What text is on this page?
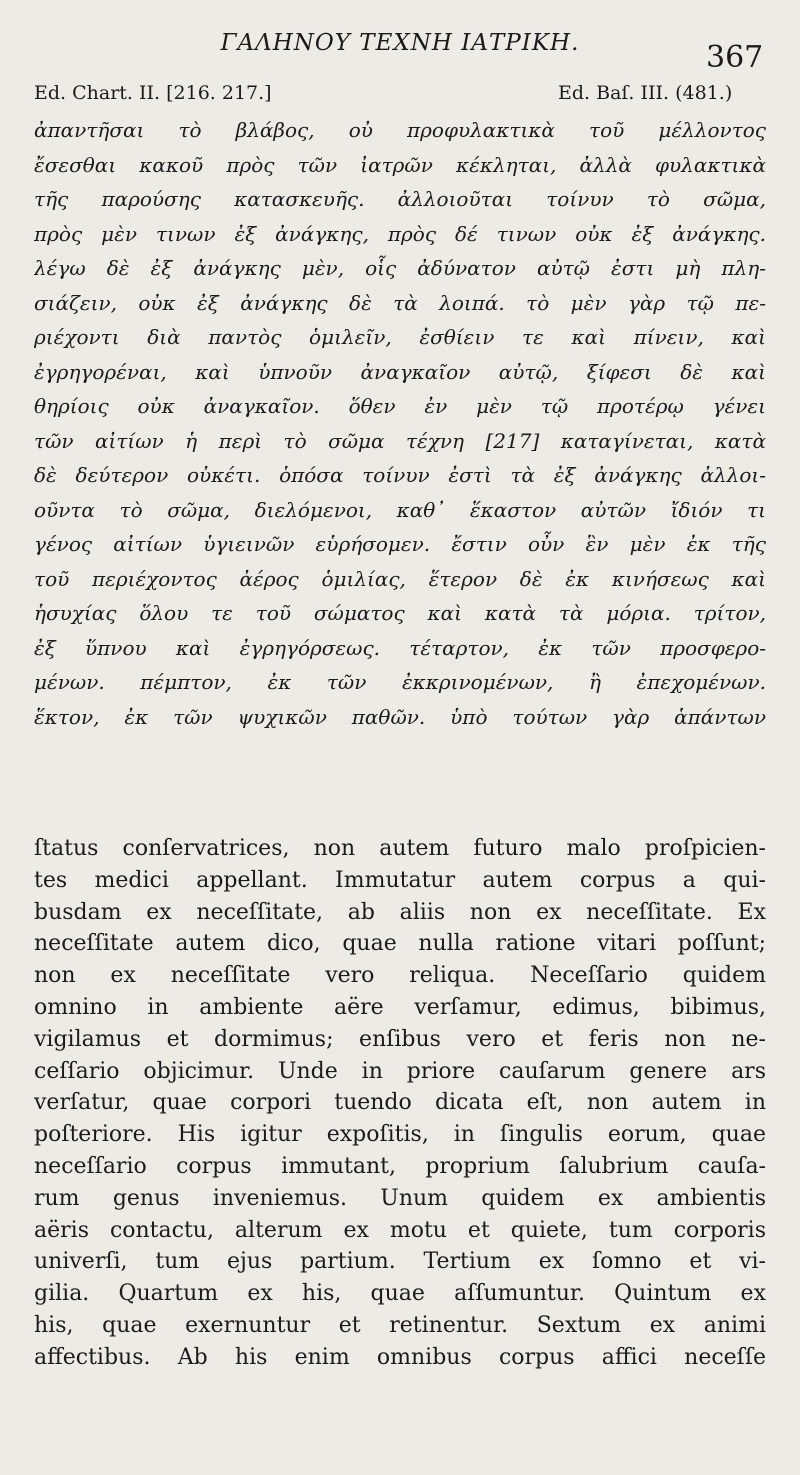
ΓΑΛΗΝΟΥ ΤΕΧΝΗ ΙΑΤΡΙΚΗ.	367
Ed. Chart. II. [216. 217.]	Ed. Baſ. III. (481.)
ἀπαντῆσαι τὸ βλάβος, οὐ προφυλακτικὰ τοῦ μέλλοντος
ἔσεσθαι κακοῦ πρὸς τῶν ἰατρῶν κέκληται, ἀλλὰ φυλακτικὰ
τῆς παρούσης κατασκευῆς. ἀλλοιοῦται τοίνυν τὸ σῶμα,
πρὸς μὲν τινων ἐξ ἀνάγκης, πρὸς δέ τινων οὐκ ἐξ ἀνάγκης.
λέγω δὲ ἐξ ἀνάγκης μὲν, οἷς ἀδύνατον αὐτῷ ἐστι μὴ πλη-
σιάζειν, οὐκ ἐξ ἀνάγκης δὲ τὰ λοιπά. τὸ μὲν γὰρ τῷ πε-
ριέχοντι διὰ παντὸς ὁμιλεῖν, ἐσθίειν τε καὶ πίνειν, καὶ
ἐγρηγορέναι, καὶ ὑπνοῦν ἀναγκαῖον αὐτῷ, ξίφεσι δὲ καὶ
θηρίοις οὐκ ἀναγκαῖον. ὅθεν ἐν μὲν τῷ προτέρῳ γένει
τῶν αἰτίων ἡ περὶ τὸ σῶμα τέχνη [217] καταγίνεται, κατὰ
δὲ δεύτερον οὐκέτι. ὁπόσα τοίνυν ἐστὶ τὰ ἐξ ἀνάγκης ἀλλοι-
οῦντα τὸ σῶμα, διελόμενοι, καθ᾿ ἕκαστον αὐτῶν ἴδιόν τι
γένος αἰτίων ὑγιεινῶν εὑρήσομεν. ἔστιν οὖν ἓν μὲν ἐκ τῆς
τοῦ περιέχοντος ἀέρος ὁμιλίας, ἕτερον δὲ ἐκ κινήσεως καὶ
ἡσυχίας ὅλου τε τοῦ σώματος καὶ κατὰ τὰ μόρια. τρίτον,
ἐξ ὕπνου καὶ ἐγρηγόρσεως. τέταρτον, ἐκ τῶν προσφερο-
μένων. πέμπτον, ἐκ τῶν ἐκκρινομένων, ἢ ἐπεχομένων.
ἕκτον, ἐκ τῶν ψυχικῶν παθῶν. ὑπὸ τούτων γὰρ ἁπάντων
ſtatus conſervatrices, non autem futuro malo proſpicien-
tes medici appellant. Immutatur autem corpus a qui-
busdam ex neceſſitate, ab aliis non ex neceſſitate. Ex
neceſſitate autem dico, quae nulla ratione vitari poſſunt;
non ex neceſſitate vero reliqua. Neceſſario quidem
omnino in ambiente aëre verſamur, edimus, bibimus,
vigilamus et dormimus; enſibus vero et feris non ne-
ceſſario objicimur. Unde in priore cauſarum genere ars
verſatur, quae corpori tuendo dicata eſt, non autem in
poſteriore. His igitur expoſitis, in ſingulis eorum, quae
neceſſario corpus immutant, proprium ſalubrium cauſa-
rum genus inveniemus. Unum quidem ex ambientis
aëris contactu, alterum ex motu et quiete, tum corporis
univerſi, tum ejus partium. Tertium ex ſomno et vi-
gilia. Quartum ex his, quae aſſumuntur. Quintum ex
his, quae exernuntur et retinentur. Sextum ex animi
affectibus. Ab his enim omnibus corpus affici neceſſe
